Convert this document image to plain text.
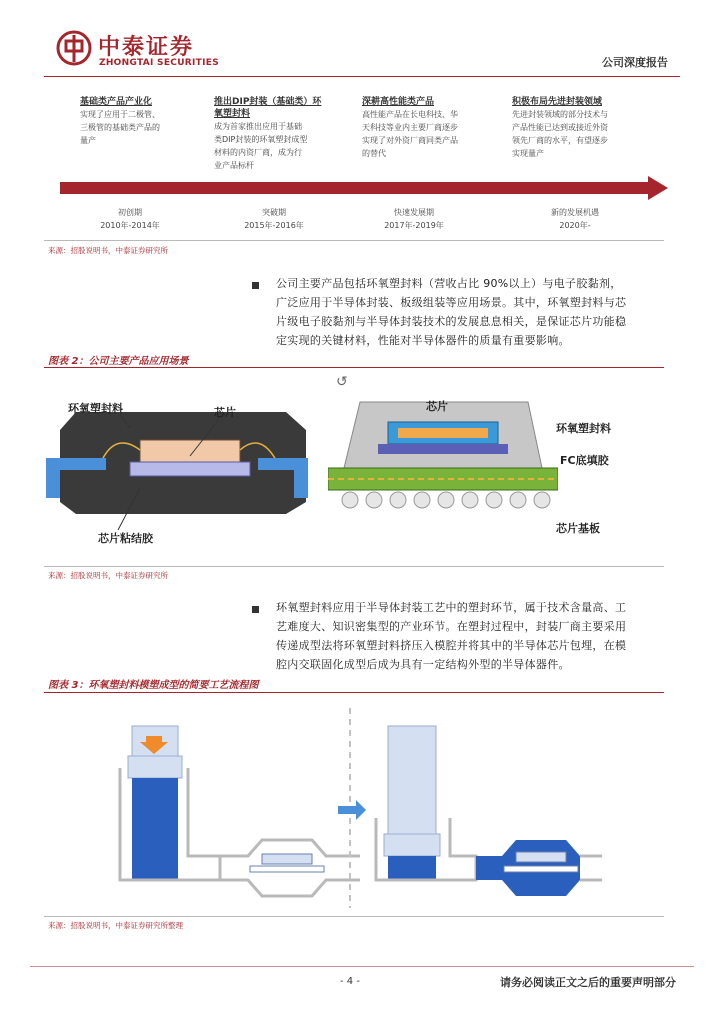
中泰证券
ZHONGTAI SECURITIES	公司深度报告
基础类产品产业化
实现了应用于二极管、
三极管的基础类产品的
量产
推出DIP封装（基础类）环
氧塑封料
成为首家推出应用于基础
类DIP封装的环氧塑封成型
材料的内资厂商，成为行
业产品标杆
深耕高性能类产品
高性能产品在长电科技、华
天科技等业内主要厂商逐步
实现了对外资厂商同类产品
的替代
积极布局先进封装领域
先进封装领域的部分技术与
产品性能已达到或接近外资
领先厂商的水平，有望逐步
实现量产
初创期
2010年-2014年
突破期
2015年-2016年
快速发展期
2017年-2019年
新的发展机遇
2020年-
来源：招股说明书，中泰证券研究所
公司主要产品包括环氧塑封料（营收占比 90%以上）与电子胶黏剂，
广泛应用于半导体封装、板级组装等应用场景。其中，环氧塑封料与芯
片级电子胶黏剂与半导体封装技术的发展息息相关，是保证芯片功能稳
定实现的关键材料，性能对半导体器件的质量有重要影响。
图表 2：公司主要产品应用场景
↺
环氧塑封料	芯片
芯片粘结胶
芯片
环氧塑封料
FC底填胶
芯片基板
来源：招股说明书，中泰证券研究所
环氧塑封料应用于半导体封装工艺中的塑封环节，属于技术含量高、工
艺难度大、知识密集型的产业环节。在塑封过程中，封装厂商主要采用
传递成型法将环氧塑封料挤压入模腔并将其中的半导体芯片包埋，在模
腔内交联固化成型后成为具有一定结构外型的半导体器件。
图表 3：环氧塑封料模塑成型的简要工艺流程图
来源：招股说明书，中泰证券研究所整理
- 4 -	请务必阅读正文之后的重要声明部分
